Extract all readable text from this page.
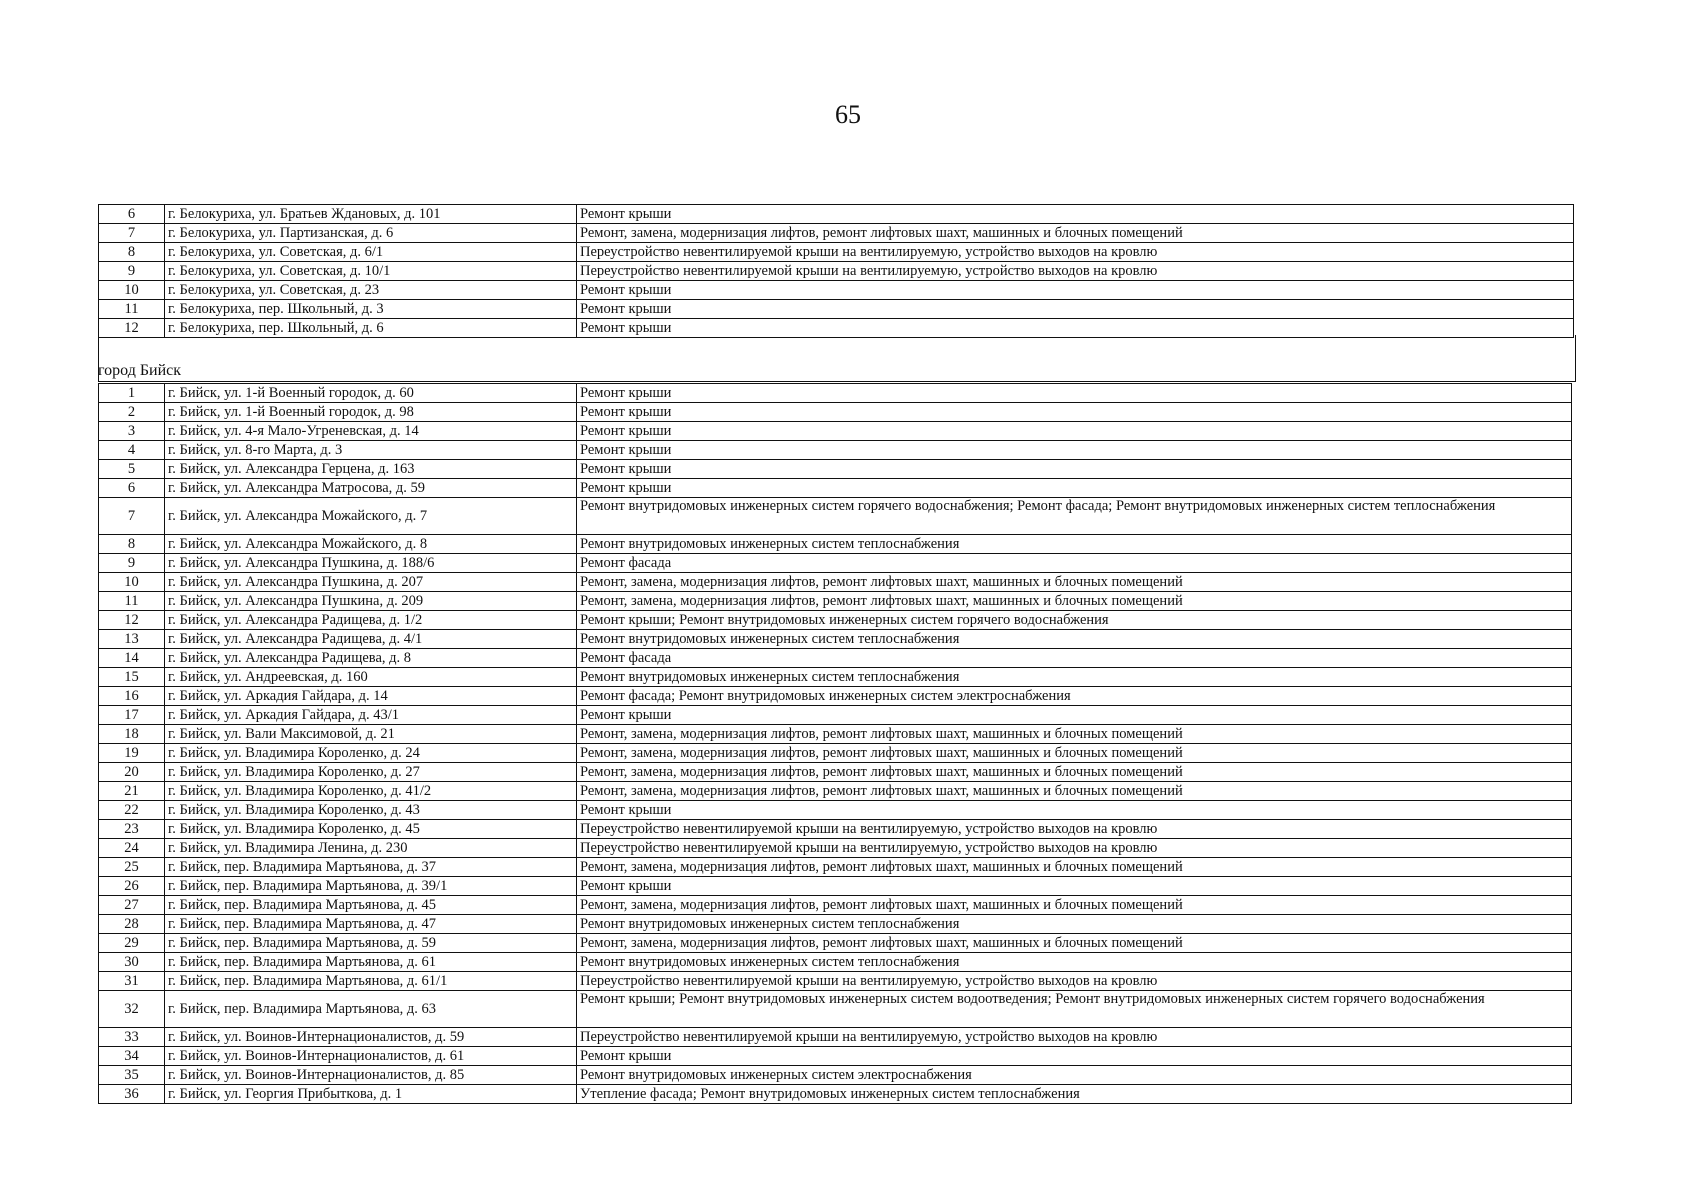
65
6	г. Белокуриха, ул. Братьев Ждановых, д. 101	Ремонт крыши
7	г. Белокуриха, ул. Партизанская, д. 6	Ремонт, замена, модернизация лифтов, ремонт лифтовых шахт, машинных и блочных помещений
8	г. Белокуриха, ул. Советская, д. 6/1	Переустройство невентилируемой крыши на вентилируемую, устройство выходов на кровлю
9	г. Белокуриха, ул. Советская, д. 10/1	Переустройство невентилируемой крыши на вентилируемую, устройство выходов на кровлю
10	г. Белокуриха, ул. Советская, д. 23	Ремонт крыши
11	г. Белокуриха, пер. Школьный, д. 3	Ремонт крыши
12	г. Белокуриха, пер. Школьный, д. 6	Ремонт крыши
город Бийск
1	г. Бийск, ул. 1-й Военный городок, д. 60	Ремонт крыши
2	г. Бийск, ул. 1-й Военный городок, д. 98	Ремонт крыши
3	г. Бийск, ул. 4-я Мало-Угреневская, д. 14	Ремонт крыши
4	г. Бийск, ул. 8-го Марта, д. 3	Ремонт крыши
5	г. Бийск, ул. Александра Герцена, д. 163	Ремонт крыши
6	г. Бийск, ул. Александра Матросова, д. 59	Ремонт крыши
7	г. Бийск, ул. Александра Можайского, д. 7	Ремонт внутридомовых инженерных систем горячего водоснабжения; Ремонт фасада; Ремонт внутридомовых инженерных систем теплоснабжения
8	г. Бийск, ул. Александра Можайского, д. 8	Ремонт внутридомовых инженерных систем теплоснабжения
9	г. Бийск, ул. Александра Пушкина, д. 188/6	Ремонт фасада
10	г. Бийск, ул. Александра Пушкина, д. 207	Ремонт, замена, модернизация лифтов, ремонт лифтовых шахт, машинных и блочных помещений
11	г. Бийск, ул. Александра Пушкина, д. 209	Ремонт, замена, модернизация лифтов, ремонт лифтовых шахт, машинных и блочных помещений
12	г. Бийск, ул. Александра Радищева, д. 1/2	Ремонт крыши; Ремонт внутридомовых инженерных систем горячего водоснабжения
13	г. Бийск, ул. Александра Радищева, д. 4/1	Ремонт внутридомовых инженерных систем теплоснабжения
14	г. Бийск, ул. Александра Радищева, д. 8	Ремонт фасада
15	г. Бийск, ул. Андреевская, д. 160	Ремонт внутридомовых инженерных систем теплоснабжения
16	г. Бийск, ул. Аркадия Гайдара, д. 14	Ремонт фасада; Ремонт внутридомовых инженерных систем электроснабжения
17	г. Бийск, ул. Аркадия Гайдара, д. 43/1	Ремонт крыши
18	г. Бийск, ул. Вали Максимовой, д. 21	Ремонт, замена, модернизация лифтов, ремонт лифтовых шахт, машинных и блочных помещений
19	г. Бийск, ул. Владимира Короленко, д. 24	Ремонт, замена, модернизация лифтов, ремонт лифтовых шахт, машинных и блочных помещений
20	г. Бийск, ул. Владимира Короленко, д. 27	Ремонт, замена, модернизация лифтов, ремонт лифтовых шахт, машинных и блочных помещений
21	г. Бийск, ул. Владимира Короленко, д. 41/2	Ремонт, замена, модернизация лифтов, ремонт лифтовых шахт, машинных и блочных помещений
22	г. Бийск, ул. Владимира Короленко, д. 43	Ремонт крыши
23	г. Бийск, ул. Владимира Короленко, д. 45	Переустройство невентилируемой крыши на вентилируемую, устройство выходов на кровлю
24	г. Бийск, ул. Владимира Ленина, д. 230	Переустройство невентилируемой крыши на вентилируемую, устройство выходов на кровлю
25	г. Бийск, пер. Владимира Мартьянова, д. 37	Ремонт, замена, модернизация лифтов, ремонт лифтовых шахт, машинных и блочных помещений
26	г. Бийск, пер. Владимира Мартьянова, д. 39/1	Ремонт крыши
27	г. Бийск, пер. Владимира Мартьянова, д. 45	Ремонт, замена, модернизация лифтов, ремонт лифтовых шахт, машинных и блочных помещений
28	г. Бийск, пер. Владимира Мартьянова, д. 47	Ремонт внутридомовых инженерных систем теплоснабжения
29	г. Бийск, пер. Владимира Мартьянова, д. 59	Ремонт, замена, модернизация лифтов, ремонт лифтовых шахт, машинных и блочных помещений
30	г. Бийск, пер. Владимира Мартьянова, д. 61	Ремонт внутридомовых инженерных систем теплоснабжения
31	г. Бийск, пер. Владимира Мартьянова, д. 61/1	Переустройство невентилируемой крыши на вентилируемую, устройство выходов на кровлю
32	г. Бийск, пер. Владимира Мартьянова, д. 63	Ремонт крыши; Ремонт внутридомовых инженерных систем водоотведения; Ремонт внутридомовых инженерных систем горячего водоснабжения
33	г. Бийск, ул. Воинов-Интернационалистов, д. 59	Переустройство невентилируемой крыши на вентилируемую, устройство выходов на кровлю
34	г. Бийск, ул. Воинов-Интернационалистов, д. 61	Ремонт крыши
35	г. Бийск, ул. Воинов-Интернационалистов, д. 85	Ремонт внутридомовых инженерных систем электроснабжения
36	г. Бийск, ул. Георгия Прибыткова, д. 1	Утепление фасада; Ремонт внутридомовых инженерных систем теплоснабжения
